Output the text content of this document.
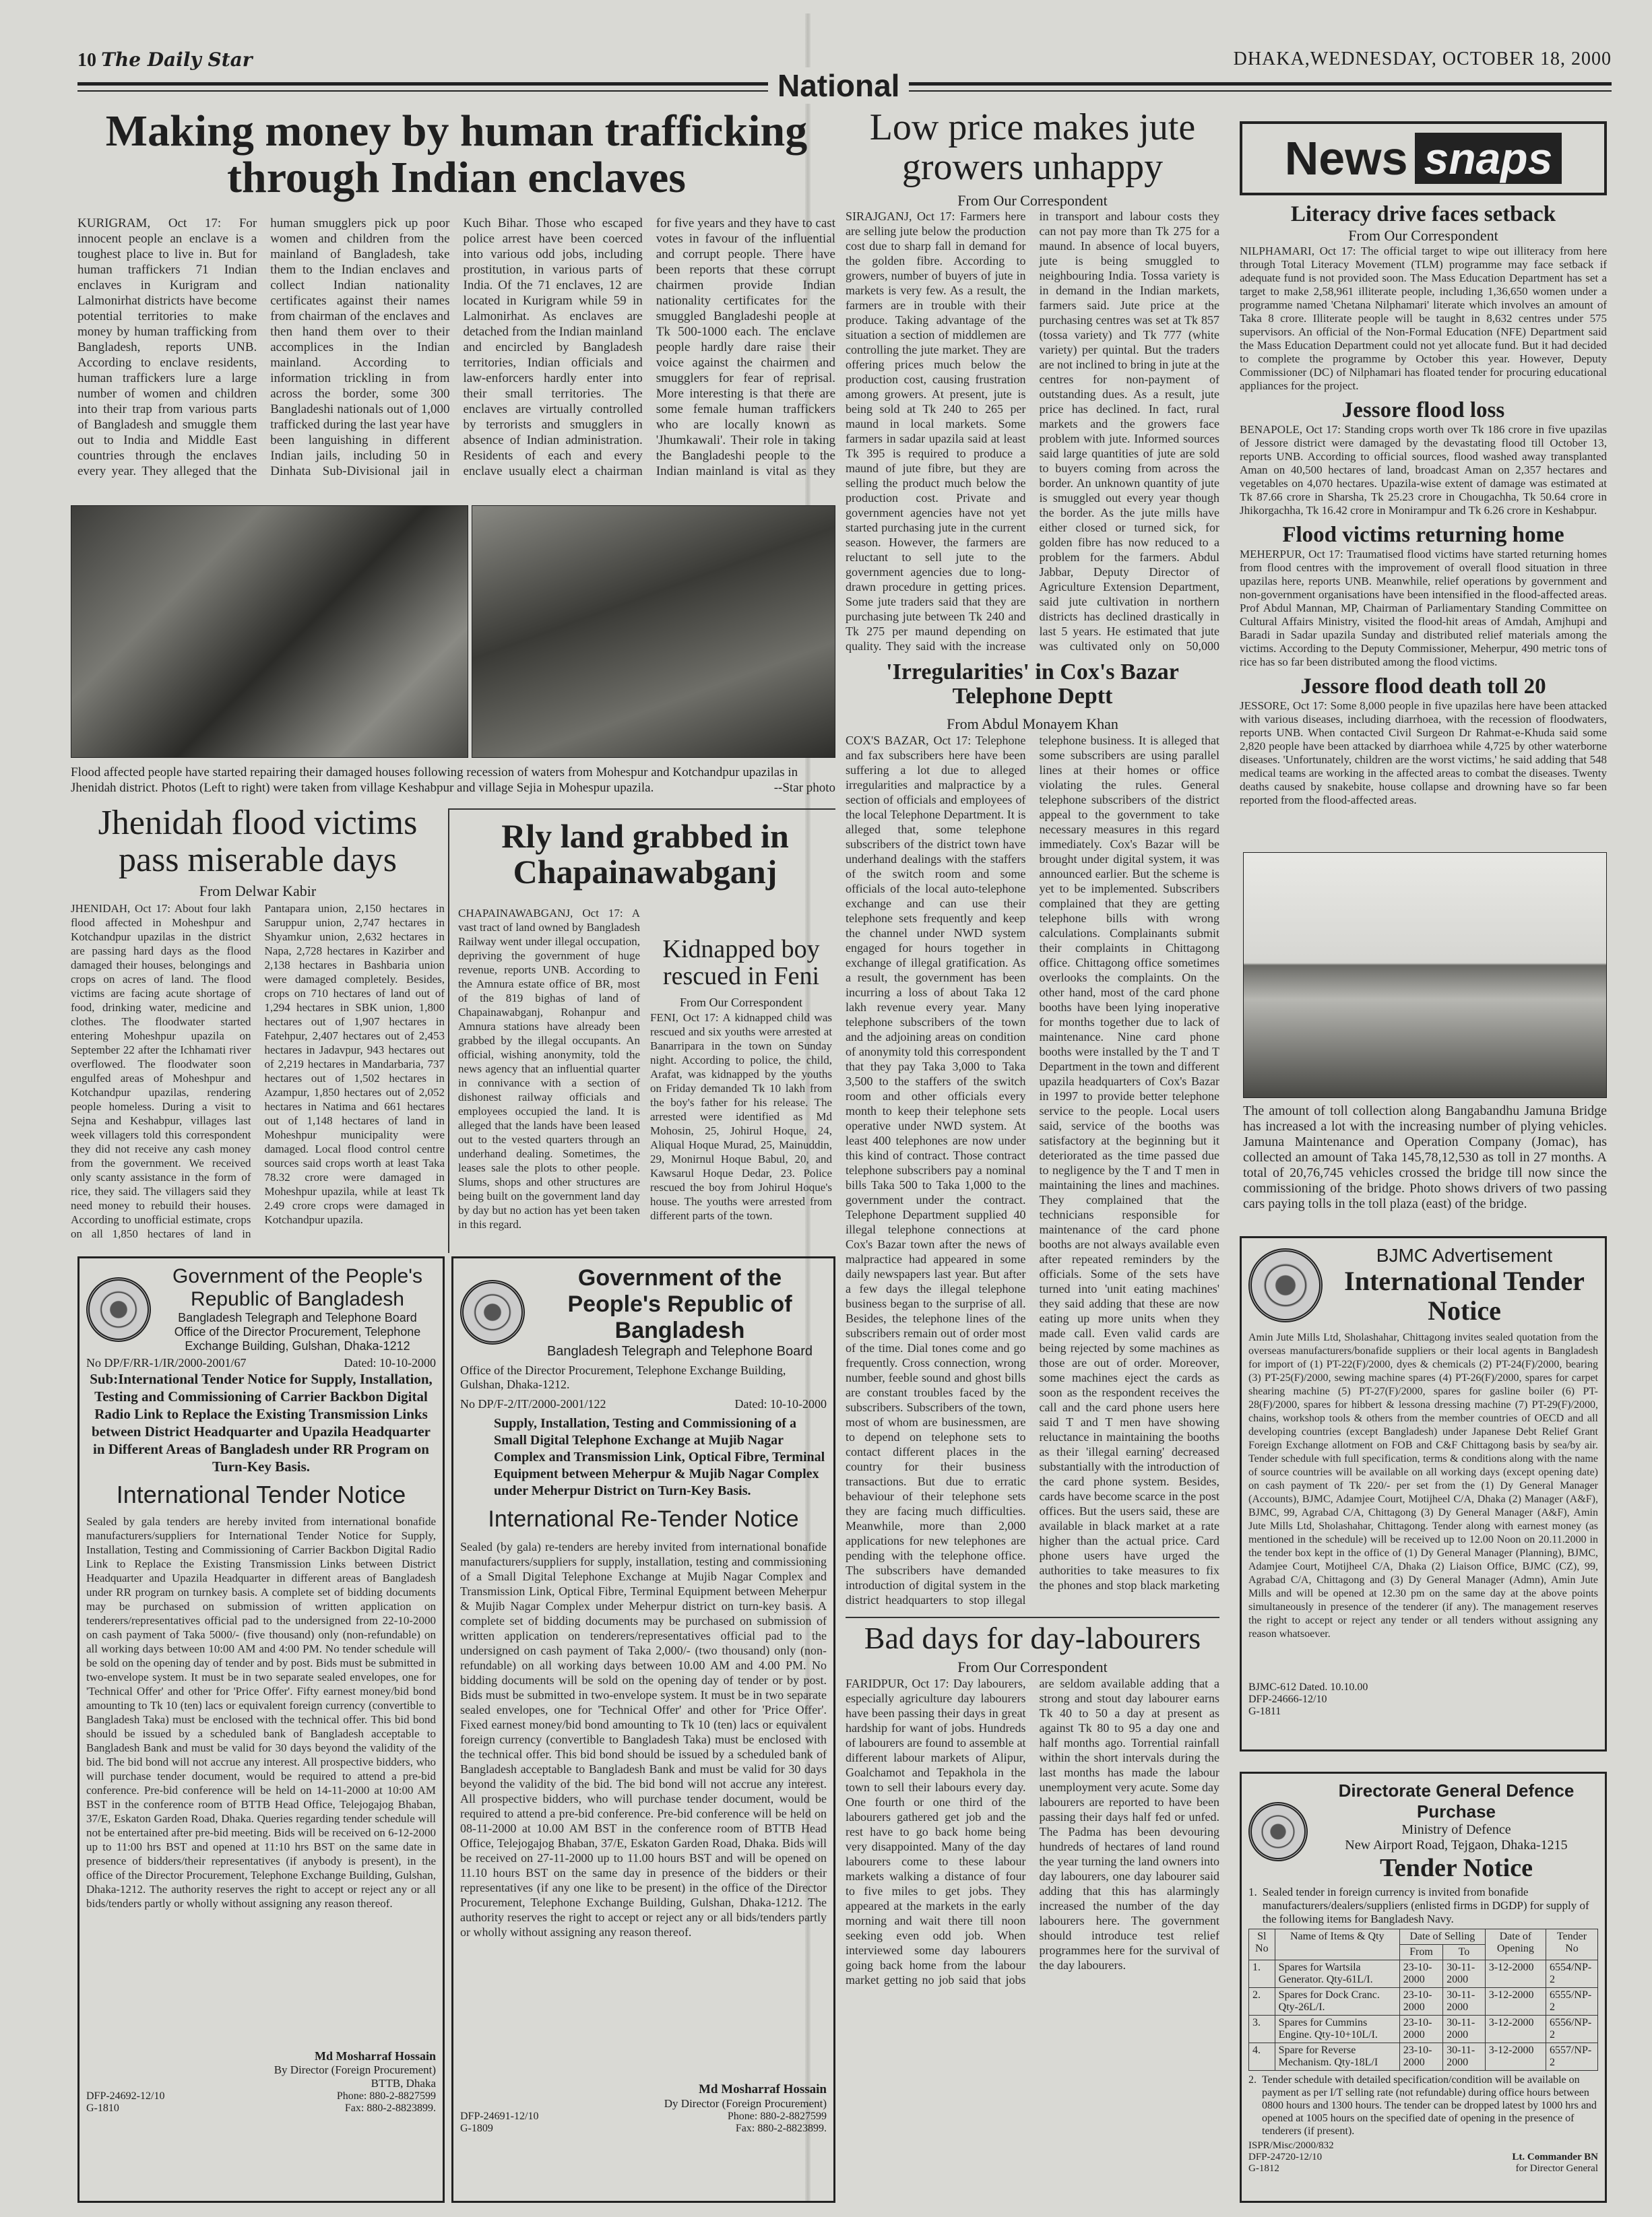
10 The Daily Star	DHAKA,WEDNESDAY, OCTOBER 18, 2000
National
Making money by human trafficking through Indian enclaves
KURIGRAM, Oct 17: For innocent people an enclave is a toughest place to live in. But for human traffickers 71 Indian enclaves in Kurigram and Lalmonirhat districts have become potential territories to make money by human trafficking from Bangladesh, reports UNB. According to enclave residents, human traffickers lure a large number of women and children into their trap from various parts of Bangladesh and smuggle them out to India and Middle East countries through the enclaves every year. They alleged that the human smugglers pick up poor women and children from the mainland of Bangladesh, take them to the Indian enclaves and collect Indian nationality certificates against their names from chairman of the enclaves and then hand them over to their accomplices in the Indian mainland. According to information trickling in from across the border, some 300 Bangladeshi nationals out of 1,000 trafficked during the last year have been languishing in different Indian jails, including 50 in Dinhata Sub-Divisional jail in Kuch Bihar. Those who escaped police arrest have been coerced into various odd jobs, including prostitution, in various parts of India. Of the 71 enclaves, 12 are located in Kurigram while 59 in Lalmonirhat. As enclaves are detached from the Indian mainland and encircled by Bangladesh territories, Indian officials and law-enforcers hardly enter into their small territories. The enclaves are virtually controlled by terrorists and smugglers in absence of Indian administration. Residents of each and every enclave usually elect a chairman for five years and they have to cast votes in favour of the influential and corrupt people. There have been reports that these corrupt chairmen provide Indian nationality certificates for the smuggled Bangladeshi people at Tk 500-1000 each. The enclave people hardly dare raise their voice against the chairmen and smugglers for fear of reprisal. More interesting is that there are some female human traffickers who are locally known as 'Jhumkawali'. Their role in taking the Bangladeshi people to the Indian mainland is vital as they
Flood affected people have started repairing their damaged houses following recession of waters from Mohespur and Kotchandpur upazilas in Jhenidah district. Photos (Left to right) were taken from village Keshabpur and village Sejia in Mohespur upazila.	--Star photo
Jhenidah flood victims pass miserable days
From Delwar Kabir
JHENIDAH, Oct 17: About four lakh flood affected in Moheshpur and Kotchandpur upazilas in the district are passing hard days as the flood damaged their houses, belongings and crops on acres of land. The flood victims are facing acute shortage of food, drinking water, medicine and clothes. The floodwater started entering Moheshpur upazila on September 22 after the Ichhamati river overflowed. The floodwater soon engulfed areas of Moheshpur and Kotchandpur upazilas, rendering people homeless. During a visit to Sejna and Keshabpur, villages last week villagers told this correspondent they did not receive any cash money from the government. We received only scanty assistance in the form of rice, they said. The villagers said they need money to rebuild their houses. According to unofficial estimate, crops on all 1,850 hectares of land in Pantapara union, 2,150 hectares in Saruppur union, 2,747 hectares in Shyamkur union, 2,632 hectares in Napa, 2,728 hectares in Kazirber and 2,138 hectares in Bashbaria union were damaged completely. Besides, crops on 710 hectares of land out of 1,294 hectares in SBK union, 1,800 hectares out of 1,907 hectares in Fatehpur, 2,407 hectares out of 2,453 hectares in Jadavpur, 943 hectares out of 2,219 hectares in Mandarbaria, 737 hectares out of 1,502 hectares in Azampur, 1,850 hectares out of 2,052 hectares in Natima and 661 hectares out of 1,148 hectares of land in Moheshpur municipality were damaged. Local flood control centre sources said crops worth at least Taka 78.32 crore were damaged in Moheshpur upazila, while at least Tk 2.49 crore crops were damaged in Kotchandpur upazila.
Rly land grabbed in Chapainawabganj
CHAPAINAWABGANJ, Oct 17: A vast tract of land owned by Bangladesh Railway went under illegal occupation, depriving the government of huge revenue, reports UNB. According to the Amnura estate office of BR, most of the 819 bighas of land of Chapainawabganj, Rohanpur and Amnura stations have already been grabbed by the illegal occupants. An official, wishing anonymity, told the news agency that an influential quarter in connivance with a section of dishonest railway officials and employees occupied the land. It is alleged that the lands have been leased out to the vested quarters through an underhand dealing. Sometimes, the leases sale the plots to other people. Slums, shops and other structures are being built on the government land day by day but no action has yet been taken in this regard.
Kidnapped boy rescued in Feni
From Our Correspondent
FENI, Oct 17: A kidnapped child was rescued and six youths were arrested at Banarripara in the town on Sunday night. According to police, the child, Arafat, was kidnapped by the youths on Friday demanded Tk 10 lakh from the boy's father for his release. The arrested were identified as Md Mohosin, 25, Johirul Hoque, 24, Aliqual Hoque Murad, 25, Mainuddin, 29, Monirnul Hoque Babul, 20, and Kawsarul Hoque Dedar, 23. Police rescued the boy from Johirul Hoque's house. The youths were arrested from different parts of the town.
Low price makes jute growers unhappy
From Our Correspondent
SIRAJGANJ, Oct 17: Farmers here are selling jute below the production cost due to sharp fall in demand for the golden fibre. According to growers, number of buyers of jute in markets is very few. As a result, the farmers are in trouble with their produce. Taking advantage of the situation a section of middlemen are controlling the jute market. They are offering prices much below the production cost, causing frustration among growers. At present, jute is being sold at Tk 240 to 265 per maund in local markets. Some farmers in sadar upazila said at least Tk 395 is required to produce a maund of jute fibre, but they are selling the product much below the production cost. Private and government agencies have not yet started purchasing jute in the current season. However, the farmers are reluctant to sell jute to the government agencies due to long-drawn procedure in getting prices. Some jute traders said that they are purchasing jute between Tk 240 and Tk 275 per maund depending on quality. They said with the increase in transport and labour costs they can not pay more than Tk 275 for a maund. In absence of local buyers, jute is being smuggled to neighbouring India. Tossa variety is in demand in the Indian markets, farmers said. Jute price at the purchasing centres was set at Tk 857 (tossa variety) and Tk 777 (white variety) per quintal. But the traders are not inclined to bring in jute at the centres for non-payment of outstanding dues. As a result, jute price has declined. In fact, rural markets and the growers face problem with jute. Informed sources said large quantities of jute are sold to buyers coming from across the border. An unknown quantity of jute is smuggled out every year though the border. As the jute mills have either closed or turned sick, for golden fibre has now reduced to a problem for the farmers. Abdul Jabbar, Deputy Director of Agriculture Extension Department, said jute cultivation in northern districts has declined drastically in last 5 years. He estimated that jute was cultivated only on 50,000
'Irregularities' in Cox's Bazar Telephone Deptt
From Abdul Monayem Khan
COX'S BAZAR, Oct 17: Telephone and fax subscribers here have been suffering a lot due to alleged irregularities and malpractice by a section of officials and employees of the local Telephone Department. It is alleged that, some telephone subscribers of the district town have underhand dealings with the staffers of the switch room and some officials of the local auto-telephone exchange and can use their telephone sets frequently and keep the channel under NWD system engaged for hours together in exchange of illegal gratification. As a result, the government has been incurring a loss of about Taka 12 lakh revenue every year. Many telephone subscribers of the town and the adjoining areas on condition of anonymity told this correspondent that they pay Taka 3,000 to Taka 3,500 to the staffers of the switch room and other officials every month to keep their telephone sets operative under NWD system. At least 400 telephones are now under this kind of contract. Those contract telephone subscribers pay a nominal bills Taka 500 to Taka 1,000 to the government under the contract. Telephone Department supplied 40 illegal telephone connections at Cox's Bazar town after the news of malpractice had appeared in some daily newspapers last year. But after a few days the illegal telephone business began to the surprise of all. Besides, the telephone lines of the subscribers remain out of order most of the time. Dial tones come and go frequently. Cross connection, wrong number, feeble sound and ghost bills are constant troubles faced by the subscribers. Subscribers of the town, most of whom are businessmen, are to depend on telephone sets to contact different places in the country for their business transactions. But due to erratic behaviour of their telephone sets they are facing much difficulties. Meanwhile, more than 2,000 applications for new telephones are pending with the telephone office. The subscribers have demanded introduction of digital system in the district headquarters to stop illegal telephone business. It is alleged that some subscribers are using parallel lines at their homes or office violating the rules. General telephone subscribers of the district appeal to the government to take necessary measures in this regard immediately. Cox's Bazar will be brought under digital system, it was announced earlier. But the scheme is yet to be implemented. Subscribers complained that they are getting telephone bills with wrong calculations. Complainants submit their complaints in Chittagong office. Chittagong office sometimes overlooks the complaints. On the other hand, most of the card phone booths have been lying inoperative for months together due to lack of maintenance. Nine card phone booths were installed by the T and T Department in the town and different upazila headquarters of Cox's Bazar in 1997 to provide better telephone service to the people. Local users said, service of the booths was satisfactory at the beginning but it deteriorated as the time passed due to negligence by the T and T men in maintaining the lines and machines. They complained that the technicians responsible for maintenance of the card phone booths are not always available even after repeated reminders by the officials. Some of the sets have turned into 'unit eating machines' they said adding that these are now eating up more units when they made call. Even valid cards are being rejected by some machines as those are out of order. Moreover, some machines eject the cards as soon as the respondent receives the call and the card phone users here said T and T men have showing reluctance in maintaining the booths as their 'illegal earning' decreased substantially with the introduction of the card phone system. Besides, cards have become scarce in the post offices. But the users said, these are available in black market at a rate higher than the actual price. Card phone users have urged the authorities to take measures to fix the phones and stop black marketing
Bad days for day-labourers
From Our Correspondent
FARIDPUR, Oct 17: Day labourers, especially agriculture day labourers have been passing their days in great hardship for want of jobs. Hundreds of labourers are found to assemble at different labour markets of Alipur, Goalchamot and Tepakhola in the town to sell their labours every day. One fourth or one third of the labourers gathered get job and the rest have to go back home being very disappointed. Many of the day labourers come to these labour markets walking a distance of four to five miles to get jobs. They appeared at the markets in the early morning and wait there till noon seeking even odd job. When interviewed some day labourers going back home from the labour market getting no job said that jobs are seldom available adding that a strong and stout day labourer earns Tk 40 to 50 a day at present as against Tk 80 to 95 a day one and half months ago. Torrential rainfall within the short intervals during the last months has made the labour unemployment very acute. Some day labourers are reported to have been passing their days half fed or unfed. The Padma has been devouring hundreds of hectares of land round the year turning the land owners into day labourers, one day labourer said adding that this has alarmingly increased the number of the day labourers here. The government should introduce test relief programmes here for the survival of the day labourers.
News snaps
Literacy drive faces setback
From Our Correspondent
NILPHAMARI, Oct 17: The official target to wipe out illiteracy from here through Total Literacy Movement (TLM) programme may face setback if adequate fund is not provided soon. The Mass Education Department has set a target to make 2,58,961 illiterate people, including 1,36,650 women under a programme named 'Chetana Nilphamari' literate which involves an amount of Taka 8 crore. Illiterate people will be taught in 8,632 centres under 575 supervisors. An official of the Non-Formal Education (NFE) Department said the Mass Education Department could not yet allocate fund. But it had decided to complete the programme by October this year. However, Deputy Commissioner (DC) of Nilphamari has floated tender for procuring educational appliances for the project.
Jessore flood loss
BENAPOLE, Oct 17: Standing crops worth over Tk 186 crore in five upazilas of Jessore district were damaged by the devastating flood till October 13, reports UNB. According to official sources, flood washed away transplanted Aman on 40,500 hectares of land, broadcast Aman on 2,357 hectares and vegetables on 4,070 hectares. Upazila-wise extent of damage was estimated at Tk 87.66 crore in Sharsha, Tk 25.23 crore in Chougachha, Tk 50.64 crore in Jhikorgachha, Tk 16.42 crore in Monirampur and Tk 6.26 crore in Keshabpur.
Flood victims returning home
MEHERPUR, Oct 17: Traumatised flood victims have started returning homes from flood centres with the improvement of overall flood situation in three upazilas here, reports UNB. Meanwhile, relief operations by government and non-government organisations have been intensified in the flood-affected areas. Prof Abdul Mannan, MP, Chairman of Parliamentary Standing Committee on Cultural Affairs Ministry, visited the flood-hit areas of Amdah, Amjhupi and Baradi in Sadar upazila Sunday and distributed relief materials among the victims. According to the Deputy Commissioner, Meherpur, 490 metric tons of rice has so far been distributed among the flood victims.
Jessore flood death toll 20
JESSORE, Oct 17: Some 8,000 people in five upazilas here have been attacked with various diseases, including diarrhoea, with the recession of floodwaters, reports UNB. When contacted Civil Surgeon Dr Rahmat-e-Khuda said some 2,820 people have been attacked by diarrhoea while 4,725 by other waterborne diseases. 'Unfortunately, children are the worst victims,' he said adding that 548 medical teams are working in the affected areas to combat the diseases. Twenty deaths caused by snakebite, house collapse and drowning have so far been reported from the flood-affected areas.
The amount of toll collection along Bangabandhu Jamuna Bridge has increased a lot with the increasing number of plying vehicles. Jamuna Maintenance and Operation Company (Jomac), has collected an amount of Taka 145,78,12,530 as toll in 27 months. A total of 20,76,745 vehicles crossed the bridge till now since the commissioning of the bridge. Photo shows drivers of two passing cars paying tolls in the toll plaza (east) of the bridge.
Government of the People's Republic of Bangladesh
Bangladesh Telegraph and Telephone Board
Office of the Director Procurement, Telephone Exchange Building, Gulshan, Dhaka-1212
No DP/F/RR-1/IR/2000-2001/67	Dated: 10-10-2000
Sub:International Tender Notice for Supply, Installation, Testing and Commissioning of Carrier Backbon Digital Radio Link to Replace the Existing Transmission Links between District Headquarter and Upazila Headquarter in Different Areas of Bangladesh under RR Program on Turn-Key Basis.
International Tender Notice
Sealed by gala tenders are hereby invited from international bonafide manufacturers/suppliers for International Tender Notice for Supply, Installation, Testing and Commissioning of Carrier Backbon Digital Radio Link to Replace the Existing Transmission Links between District Headquarter and Upazila Headquarter in different areas of Bangladesh under RR program on turnkey basis. A complete set of bidding documents may be purchased on submission of written application on tenderers/representatives official pad to the undersigned from 22-10-2000 on cash payment of Taka 5000/- (five thousand) only (non-refundable) on all working days between 10:00 AM and 4:00 PM. No tender schedule will be sold on the opening day of tender and by post. Bids must be submitted in two-envelope system. It must be in two separate sealed envelopes, one for 'Technical Offer' and other for 'Price Offer'. Fifty earnest money/bid bond amounting to Tk 10 (ten) lacs or equivalent foreign currency (convertible to Bangladesh Taka) must be enclosed with the technical offer. This bid bond should be issued by a scheduled bank of Bangladesh acceptable to Bangladesh Bank and must be valid for 30 days beyond the validity of the bid. The bid bond will not accrue any interest. All prospective bidders, who will purchase tender document, would be required to attend a pre-bid conference. Pre-bid conference will be held on 14-11-2000 at 10:00 AM BST in the conference room of BTTB Head Office, Telejogajog Bhaban, 37/E, Eskaton Garden Road, Dhaka. Queries regarding tender schedule will not be entertained after pre-bid meeting. Bids will be received on 6-12-2000 up to 11:00 hrs BST and opened at 11:10 hrs BST on the same date in presence of bidders/their representatives (if anybody is present), in the office of the Director Procurement, Telephone Exchange Building, Gulshan, Dhaka-1212. The authority reserves the right to accept or reject any or all bids/tenders partly or wholly without assigning any reason thereof.
Md Mosharraf Hossain
By Director (Foreign Procurement)
BTTB, Dhaka
DFP-24692-12/10	Phone: 880-2-8827599
G-1810	Fax: 880-2-8823899.
Government of the People's Republic of Bangladesh
Bangladesh Telegraph and Telephone Board
Office of the Director Procurement, Telephone Exchange Building, Gulshan, Dhaka-1212.
No DP/F-2/IT/2000-2001/122	Dated: 10-10-2000
Supply, Installation, Testing and Commissioning of a Small Digital Telephone Exchange at Mujib Nagar Complex and Transmission Link, Optical Fibre, Terminal Equipment between Meherpur & Mujib Nagar Complex under Meherpur District on Turn-Key Basis.
International Re-Tender Notice
Sealed (by gala) re-tenders are hereby invited from international bonafide manufacturers/suppliers for supply, installation, testing and commissioning of a Small Digital Telephone Exchange at Mujib Nagar Complex and Transmission Link, Optical Fibre, Terminal Equipment between Meherpur & Mujib Nagar Complex under Meherpur district on turn-key basis. A complete set of bidding documents may be purchased on submission of written application on tenderers/representatives official pad to the undersigned on cash payment of Taka 2,000/- (two thousand) only (non-refundable) on all working days between 10.00 AM and 4.00 PM. No bidding documents will be sold on the opening day of tender or by post. Bids must be submitted in two-envelope system. It must be in two separate sealed envelopes, one for 'Technical Offer' and other for 'Price Offer'. Fixed earnest money/bid bond amounting to Tk 10 (ten) lacs or equivalent foreign currency (convertible to Bangladesh Taka) must be enclosed with the technical offer. This bid bond should be issued by a scheduled bank of Bangladesh acceptable to Bangladesh Bank and must be valid for 30 days beyond the validity of the bid. The bid bond will not accrue any interest. All prospective bidders, who will purchase tender document, would be required to attend a pre-bid conference. Pre-bid conference will be held on 08-11-2000 at 10.00 AM BST in the conference room of BTTB Head Office, Telejogajog Bhaban, 37/E, Eskaton Garden Road, Dhaka. Bids will be received on 27-11-2000 up to 11.00 hours BST and will be opened on 11.10 hours BST on the same day in presence of the bidders or their representatives (if any one like to be present) in the office of the Director Procurement, Telephone Exchange Building, Gulshan, Dhaka-1212. The authority reserves the right to accept or reject any or all bids/tenders partly or wholly without assigning any reason thereof.
Md Mosharraf Hossain
Dy Director (Foreign Procurement)
DFP-24691-12/10	Phone: 880-2-8827599
G-1809	Fax: 880-2-8823899.
BJMC Advertisement
International Tender Notice
Amin Jute Mills Ltd, Sholashahar, Chittagong invites sealed quotation from the overseas manufacturers/bonafide suppliers or their local agents in Bangladesh for import of (1) PT-22(F)/2000, dyes & chemicals (2) PT-24(F)/2000, bearing (3) PT-25(F)/2000, sewing machine spares (4) PT-26(F)/2000, spares for carpet shearing machine (5) PT-27(F)/2000, spares for gasline boiler (6) PT-28(F)/2000, spares for hibbert & lessona dressing machine (7) PT-29(F)/2000, chains, workshop tools & others from the member countries of OECD and all developing countries (except Bangladesh) under Japanese Debt Relief Grant Foreign Exchange allotment on FOB and C&F Chittagong basis by sea/by air. Tender schedule with full specification, terms & conditions along with the name of source countries will be available on all working days (except opening date) on cash payment of Tk 220/- per set from the (1) Dy General Manager (Accounts), BJMC, Adamjee Court, Motijheel C/A, Dhaka (2) Manager (A&F), BJMC, 99, Agrabad C/A, Chittagong (3) Dy General Manager (A&F), Amin Jute Mills Ltd, Sholashahar, Chittagong. Tender along with earnest money (as mentioned in the schedule) will be received up to 12.00 Noon on 20.11.2000 in the tender box kept in the office of (1) Dy General Manager (Planning), BJMC, Adamjee Court, Motijheel C/A, Dhaka (2) Liaison Office, BJMC (CZ), 99, Agrabad C/A, Chittagong and (3) Dy General Manager (Admn), Amin Jute Mills and will be opened at 12.30 pm on the same day at the above points simultaneously in presence of the tenderer (if any). The management reserves the right to accept or reject any tender or all tenders without assigning any reason whatsoever.
BJMC-612 Dated. 10.10.00
DFP-24666-12/10
G-1811
Directorate General Defence Purchase
Ministry of Defence
New Airport Road, Tejgaon, Dhaka-1215
Tender Notice
1. Sealed tender in foreign currency is invited from bonafide manufacturers/dealers/suppliers (enlisted firms in DGDP) for supply of the following items for Bangladesh Navy.
Sl No	Name of Items & Qty	Date of Selling		Date of Opening	Tender No
		From	To		
1.	Spares for Wartsila Generator. Qty-61L/I.	23-10-2000	30-11-2000	3-12-2000	6554/NP-2
2.	Spares for Dock Cranc. Qty-26L/I.	23-10-2000	30-11-2000	3-12-2000	6555/NP-2
3.	Spares for Cummins Engine. Qty-10+10L/I.	23-10-2000	30-11-2000	3-12-2000	6556/NP-2
4.	Spare for Reverse Mechanism. Qty-18L/I	23-10-2000	30-11-2000	3-12-2000	6557/NP-2
2. Tender schedule with detailed specification/condition will be available on payment as per I/T selling rate (not refundable) during office hours between 0800 hours and 1300 hours. The tender can be dropped latest by 1000 hrs and opened at 1005 hours on the specified date of opening in the presence of tenderers (if present).
ISPR/Misc/2000/832
DFP-24720-12/10
G-1812
Lt. Commander BN
for Director General
